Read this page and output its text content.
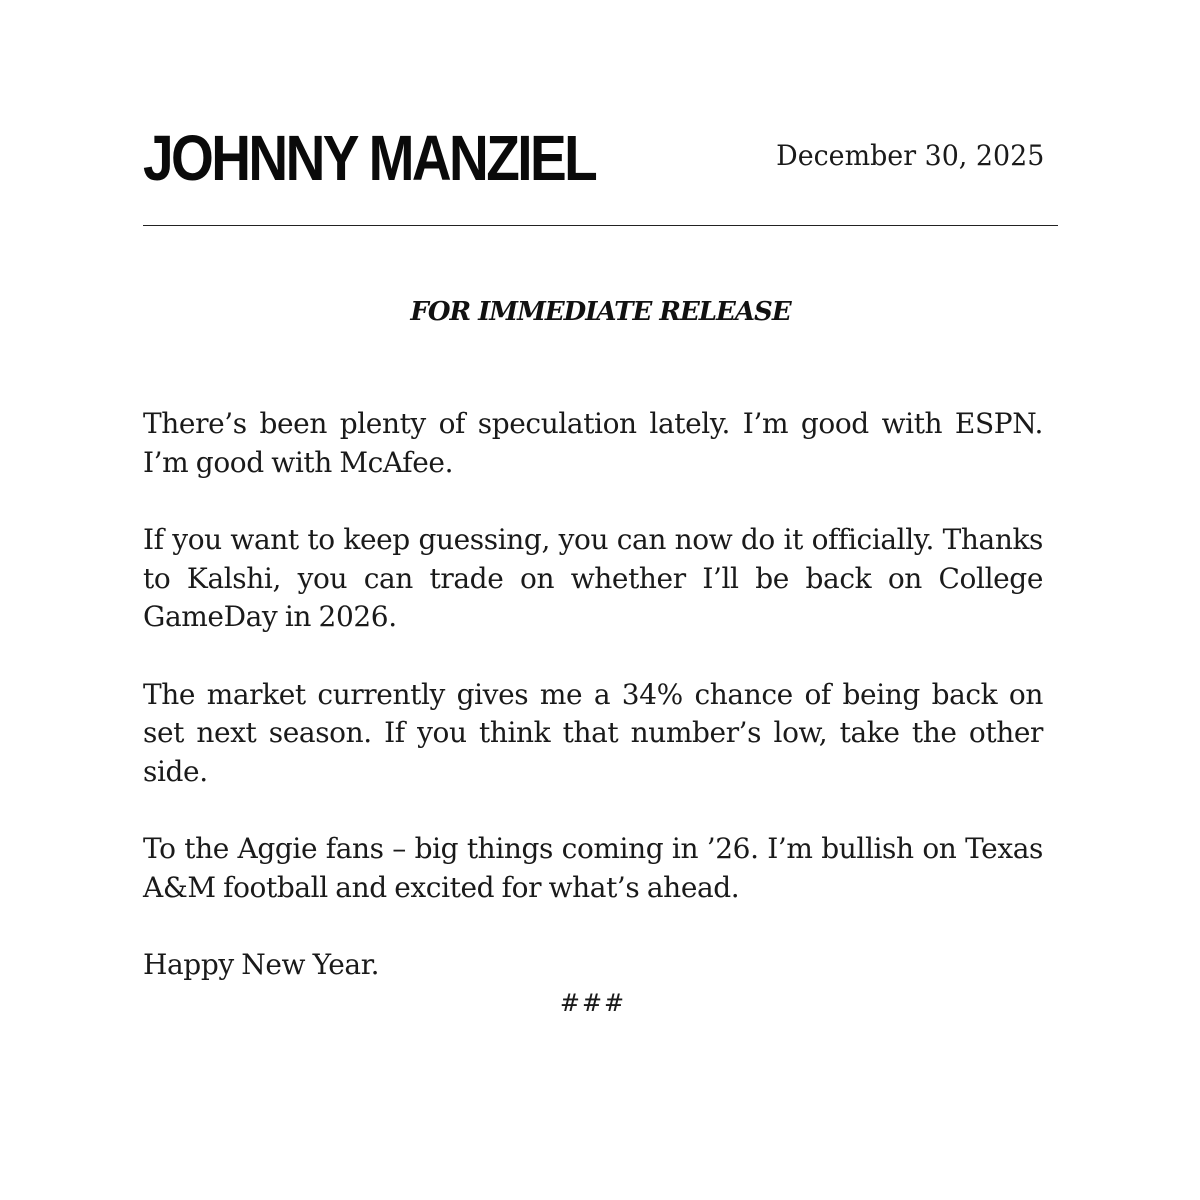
JOHNNY MANZIEL	December 30, 2025
FOR IMMEDIATE RELEASE

There’s been plenty of speculation lately. I’m good with ESPN. I’m good with McAfee.

If you want to keep guessing, you can now do it officially. Thanks to Kalshi, you can trade on whether I’ll be back on College GameDay in 2026.

The market currently gives me a 34% chance of being back on set next season. If you think that number’s low, take the other side.

To the Aggie fans – big things coming in ’26. I’m bullish on Texas A&M football and excited for what’s ahead.

Happy New Year.

###
